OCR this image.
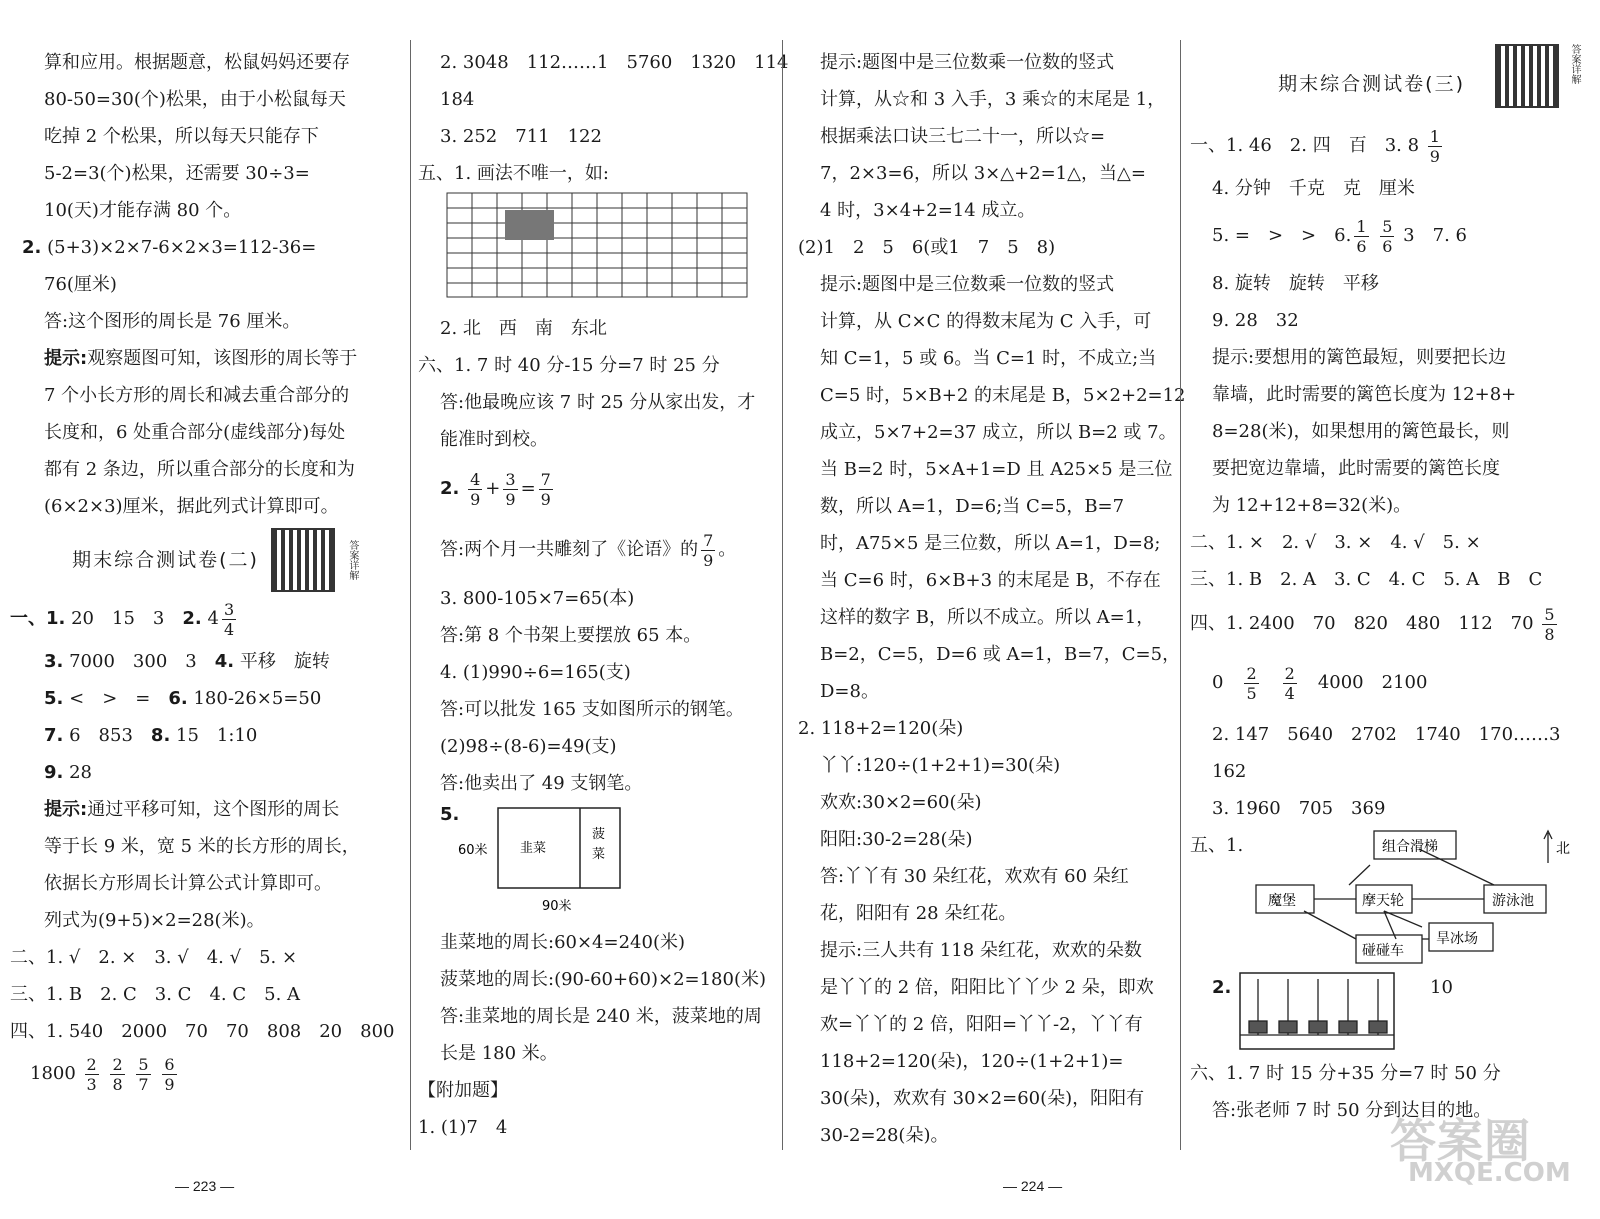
算和应用。根据题意，松鼠妈妈还要存
80-50=30(个)松果，由于小松鼠每天
吃掉 2 个松果，所以每天只能存下
5-2=3(个)松果，还需要 30÷3=
10(天)才能存满 80 个。
2. (5+3)×2×7-6×2×3=112-36=
76(厘米)
答:这个图形的周长是 76 厘米。
提示:观察题图可知，该图形的周长等于
7 个小长方形的周长和减去重合部分的
长度和，6 处重合部分(虚线部分)每处
都有 2 条边，所以重合部分的长度和为
(6×2×3)厘米，据此列式计算即可。
期末综合测试卷(二)	答案详解
一、1. 20　15　3　2. $4 \frac{3}{4}$
3. 7000　300　3　4. 平移　旋转
5. <　>　=　6. 180-26×5=50
7. 6　853　8. 15　1:10
9. 28
提示:通过平移可知，这个图形的周长
等于长 9 米，宽 5 米的长方形的周长，
依据长方形周长计算公式计算即可。
列式为(9+5)×2=28(米)。
二、1. √　2. ×　3. √　4. √　5. ×
三、1. B　2. C　3. C　4. C　5. A
四、1. 540　2000　70　70　808　20　800
$1800 \frac{2}{3}$
$\frac{2}{8}$
$\frac{5}{7}$
$\frac{6}{9}$
2. 3048　112……1　5760　1320　114
184
3. 252　711　122
五、1. 画法不唯一，如:
2. 北　西　南　东北
六、1. 7 时 40 分-15 分=7 时 25 分
答:他最晚应该 7 时 25 分从家出发，才
能准时到校。
2. $\frac{4}{9} + \frac{3}{9} = \frac{7}{9}$
答:两个月一共雕刻了《论语》的 $\frac{7}{9}$ 。
3. 800-105×7=65(本)
答:第 8 个书架上要摆放 65 本。
4. (1)990÷6=165(支)
答:可以批发 165 支如图所示的钢笔。
(2)98÷(8-6)=49(支)
答:他卖出了 49 支钢笔。
5.
60米 韭菜
菠
菜
90米
韭菜地的周长:60×4=240(米)
菠菜地的周长:(90-60+60)×2=180(米)
答:韭菜地的周长是 240 米，菠菜地的周
长是 180 米。
【附加题】
1. (1)7　4
提示:题图中是三位数乘一位数的竖式
计算，从☆和 3 入手，3 乘☆的末尾是 1，
根据乘法口诀三七二十一，所以☆=
7，2×3=6，所以 3×△+2=1△，当△=
4 时，3×4+2=14 成立。
(2)1　2　5　6(或1　7　5　8)
提示:题图中是三位数乘一位数的竖式
计算，从 C×C 的得数末尾为 C 入手，可
知 C=1，5 或 6。当 C=1 时，不成立;当
C=5 时，5×B+2 的末尾是 B，5×2+2=12
成立，5×7+2=37 成立，所以 B=2 或 7。
当 B=2 时，5×A+1=D 且 A25×5 是三位
数，所以 A=1，D=6;当 C=5，B=7
时，A75×5 是三位数，所以 A=1，D=8;
当 C=6 时，6×B+3 的末尾是 B，不存在
这样的数字 B，所以不成立。所以 A=1，
B=2，C=5，D=6 或 A=1，B=7，C=5，
D=8。
2. 118+2=120(朵)
丫丫:120÷(1+2+1)=30(朵)
欢欢:30×2=60(朵)
阳阳:30-2=28(朵)
答:丫丫有 30 朵红花，欢欢有 60 朵红
花，阳阳有 28 朵红花。
提示:三人共有 118 朵红花，欢欢的朵数
是丫丫的 2 倍，阳阳比丫丫少 2 朵，即欢
欢=丫丫的 2 倍，阳阳=丫丫-2，丫丫有
118+2=120(朵)，120÷(1+2+1)=
30(朵)，欢欢有 30×2=60(朵)，阳阳有
30-2=28(朵)。
期末综合测试卷(三)	答案详解
一、1. 46　2. 四　百　3. $8 \frac{1}{9}$
4. 分钟　千克　克　厘米
5. =　>　>　6. $\frac{1}{6}$
$\frac{5}{6} 3$　7. 6
8. 旋转　旋转　平移
9. 28　32
提示:要想用的篱笆最短，则要把长边
靠墙，此时需要的篱笆长度为 12+8+
8=28(米)，如果想用的篱笆最长，则
要把宽边靠墙，此时需要的篱笆长度
为 12+12+8=32(米)。
二、1. ×　2. √　3. ×　4. √　5. ×
三、1. B　2. A　3. C　4. C　5. A　B　C
四、1. 2400　70　820　480　112　$70 \frac{5}{8}$
0　 $\frac{2}{5}$
　 $\frac{2}{4}$
　 4000　2100
2. 147　5640　2702　1740　170……3
162
3. 1960　705　369
五、1.	组合滑梯
魔堡	摩天轮	游泳池
旱冰场
碰碰车
北
2.	10
六、1. 7 时 15 分+35 分=7 时 50 分
答:张老师 7 时 50 分到达目的地。
— 223 —	— 224 —
答案圈
MXQE.COM
